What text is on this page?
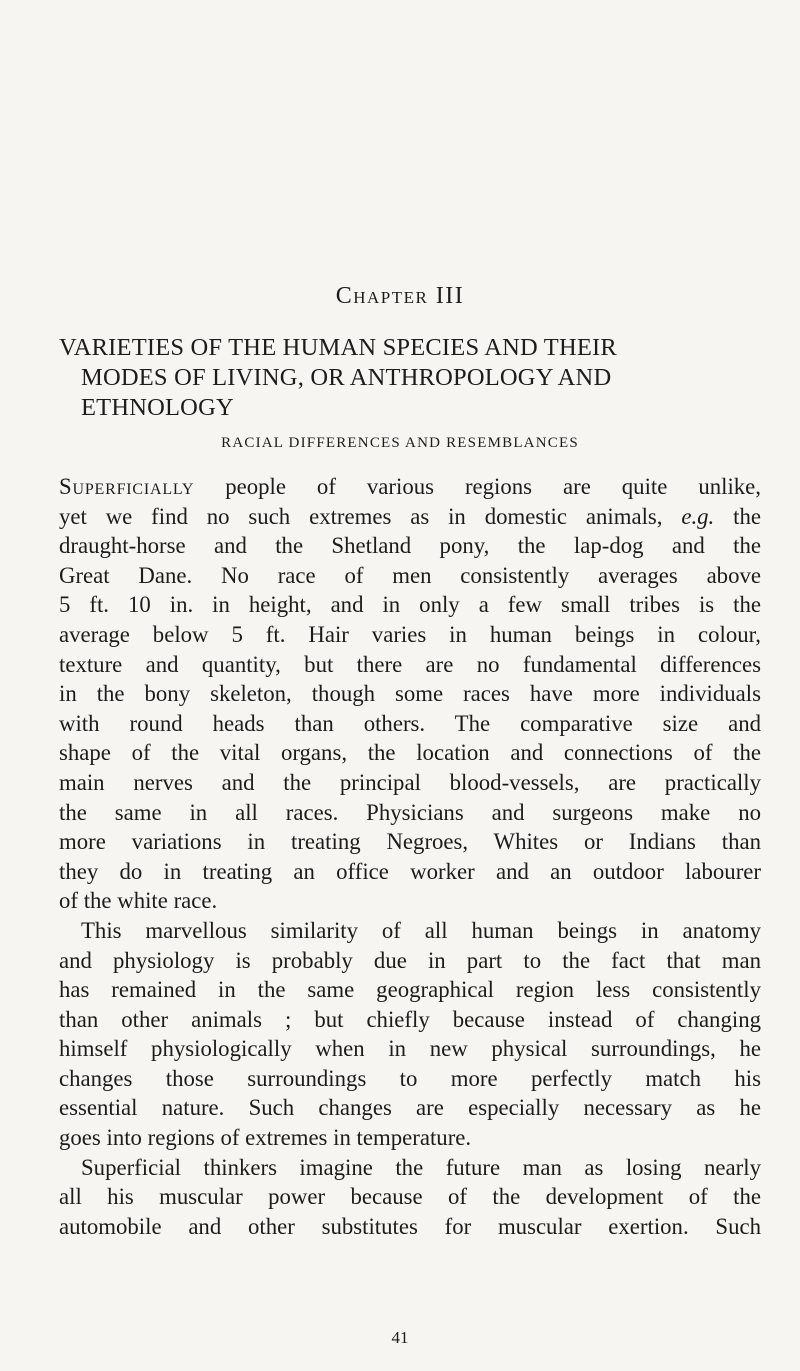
Chapter III
VARIETIES OF THE HUMAN SPECIES AND THEIR
MODES OF LIVING, OR ANTHROPOLOGY AND
ETHNOLOGY
RACIAL DIFFERENCES AND RESEMBLANCES
Superficially people of various regions are quite unlike,
yet we find no such extremes as in domestic animals, e.g. the
draught-horse and the Shetland pony, the lap-dog and the
Great Dane. No race of men consistently averages above
5 ft. 10 in. in height, and in only a few small tribes is the
average below 5 ft. Hair varies in human beings in colour,
texture and quantity, but there are no fundamental differences
in the bony skeleton, though some races have more individuals
with round heads than others. The comparative size and
shape of the vital organs, the location and connections of the
main nerves and the principal blood-vessels, are practically
the same in all races. Physicians and surgeons make no
more variations in treating Negroes, Whites or Indians than
they do in treating an office worker and an outdoor labourer
of the white race.
This marvellous similarity of all human beings in anatomy
and physiology is probably due in part to the fact that man
has remained in the same geographical region less consistently
than other animals ; but chiefly because instead of changing
himself physiologically when in new physical surroundings, he
changes those surroundings to more perfectly match his
essential nature. Such changes are especially necessary as he
goes into regions of extremes in temperature.
Superficial thinkers imagine the future man as losing nearly
all his muscular power because of the development of the
automobile and other substitutes for muscular exertion. Such
41
